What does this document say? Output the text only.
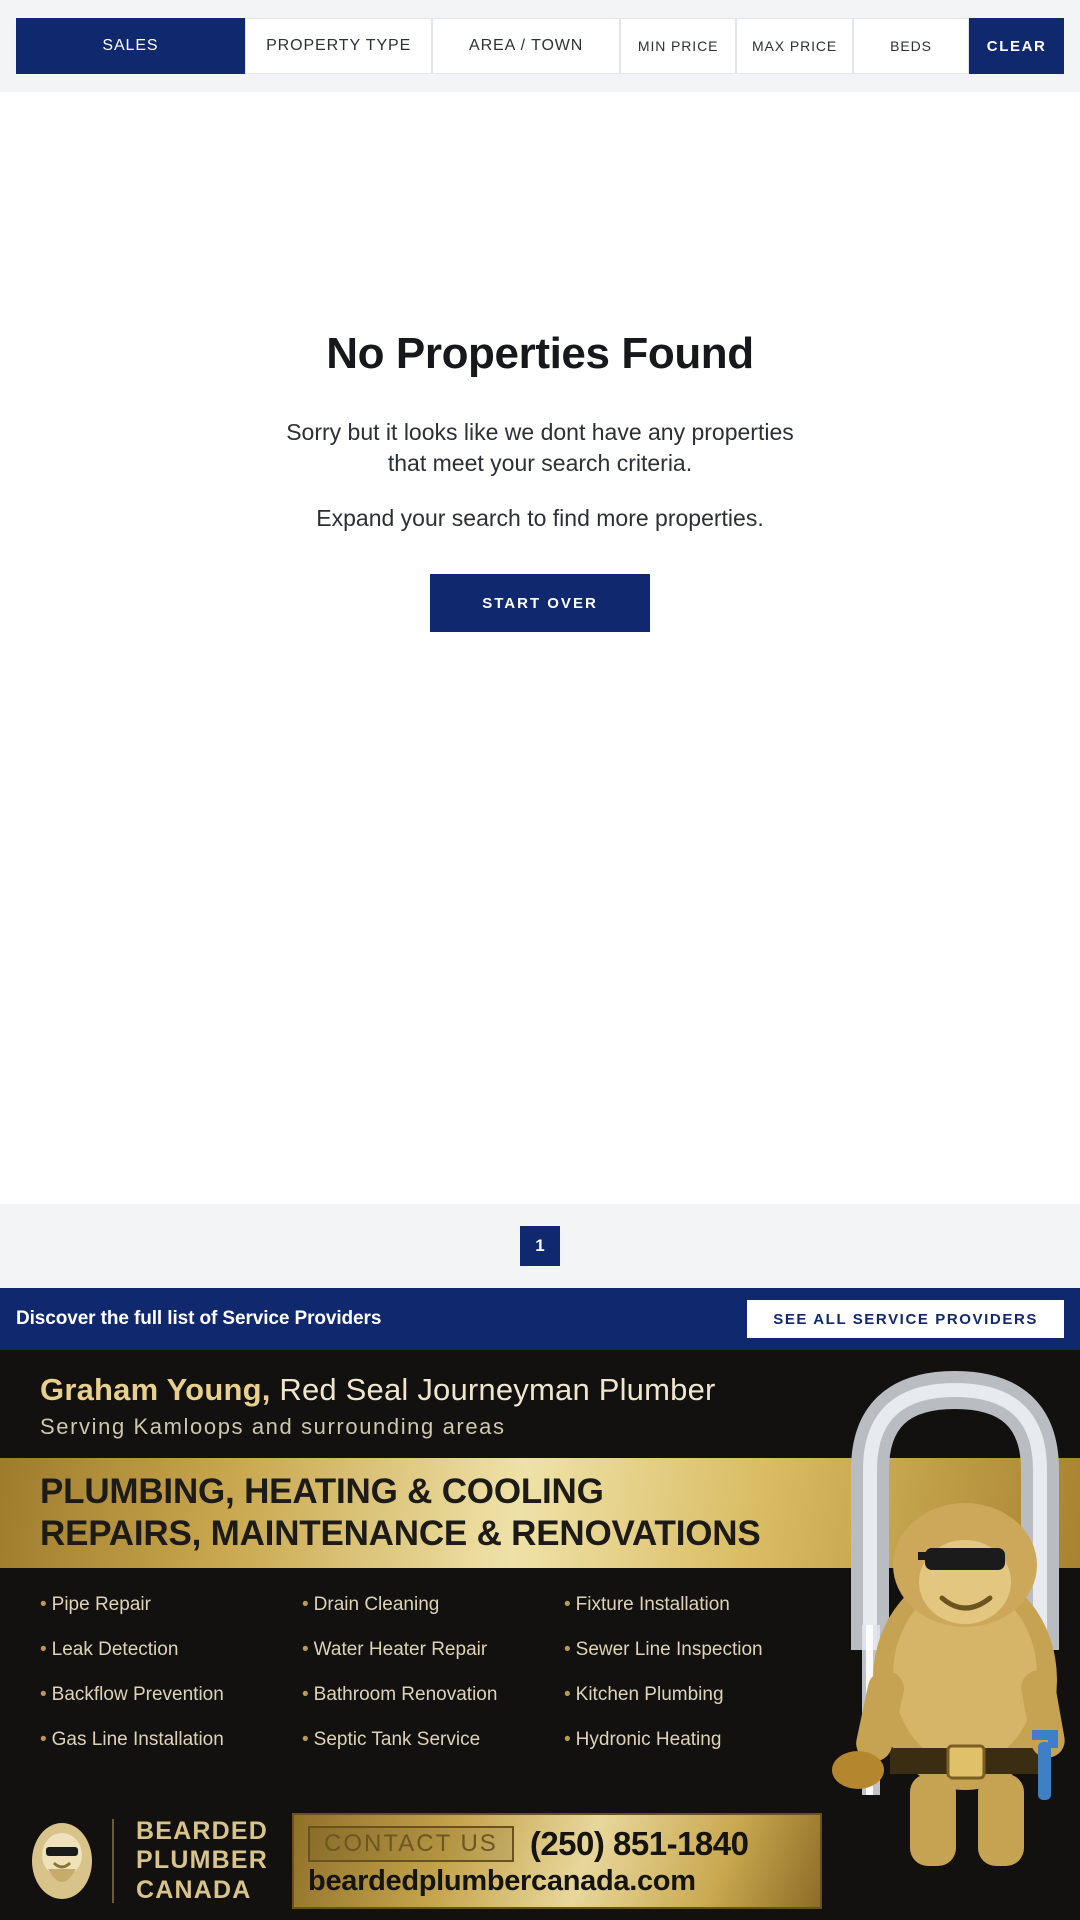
SALES	PROPERTY TYPE	AREA / TOWN	MIN PRICE	MAX PRICE	BEDS	CLEAR
No Properties Found
Sorry but it looks like we dont have any properties
that meet your search criteria.
Expand your search to find more properties.
START OVER
1
Discover the full list of Service Providers	SEE ALL SERVICE PROVIDERS
Graham Young, Red Seal Journeyman Plumber
Serving Kamloops and surrounding areas
PLUMBING, HEATING & COOLING
REPAIRS, MAINTENANCE & RENOVATIONS
• Pipe Repair
• Leak Detection
• Backflow Prevention
• Gas Line Installation
• Drain Cleaning
• Water Heater Repair
• Bathroom Renovation
• Septic Tank Service
• Fixture Installation
• Sewer Line Inspection
• Kitchen Plumbing
• Hydronic Heating
BEARDED
PLUMBER
CANADA
CONTACT US (250) 851-1840
beardedplumbercanada.com
